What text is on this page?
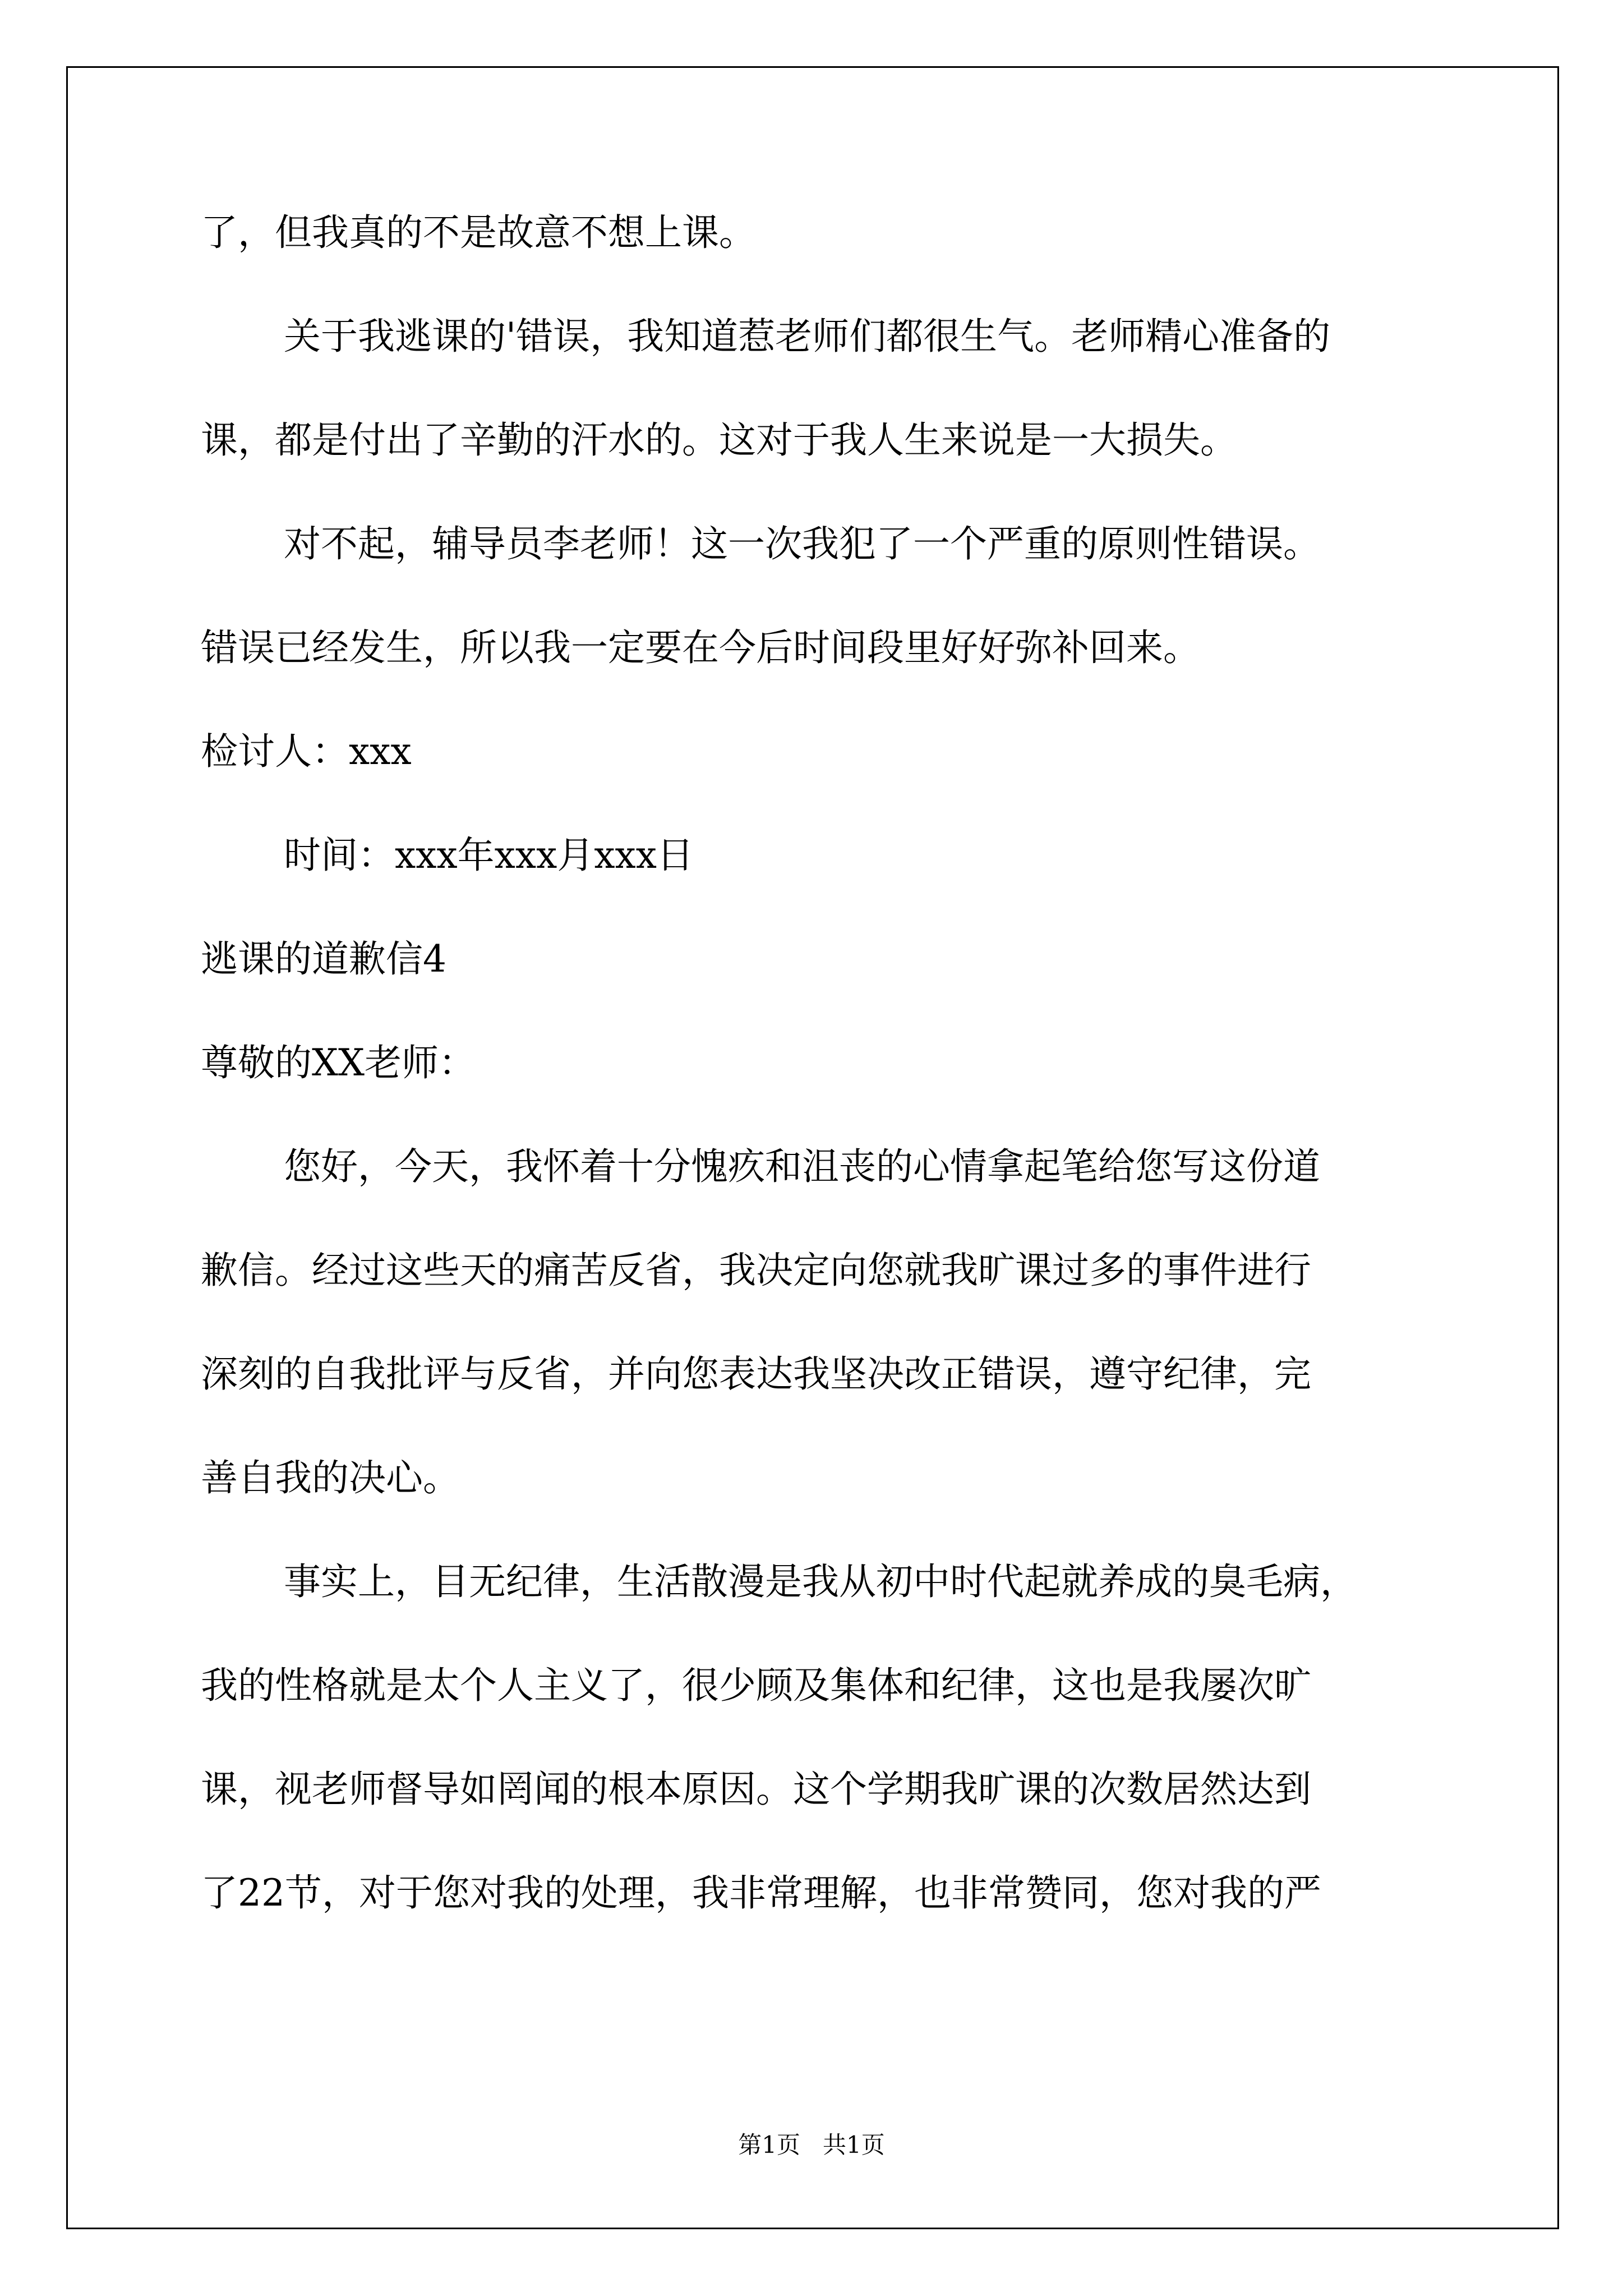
了，但我真的不是故意不想上课。
关于我逃课的'错误，我知道惹老师们都很生气。老师精心准备的
课，都是付出了辛勤的汗水的。这对于我人生来说是一大损失。
对不起，辅导员李老师！这一次我犯了一个严重的原则性错误。
错误已经发生，所以我一定要在今后时间段里好好弥补回来。
检讨人：xxx
时间：xxx年xxx月xxx日
逃课的道歉信4
尊敬的XX老师：
您好，今天，我怀着十分愧疚和沮丧的心情拿起笔给您写这份道
歉信。经过这些天的痛苦反省，我决定向您就我旷课过多的事件进行
深刻的自我批评与反省，并向您表达我坚决改正错误，遵守纪律，完
善自我的决心。
事实上，目无纪律，生活散漫是我从初中时代起就养成的臭毛病，
我的性格就是太个人主义了，很少顾及集体和纪律，这也是我屡次旷
课，视老师督导如罔闻的根本原因。这个学期我旷课的次数居然达到
了22节，对于您对我的处理，我非常理解，也非常赞同，您对我的严
第1页   共1页
